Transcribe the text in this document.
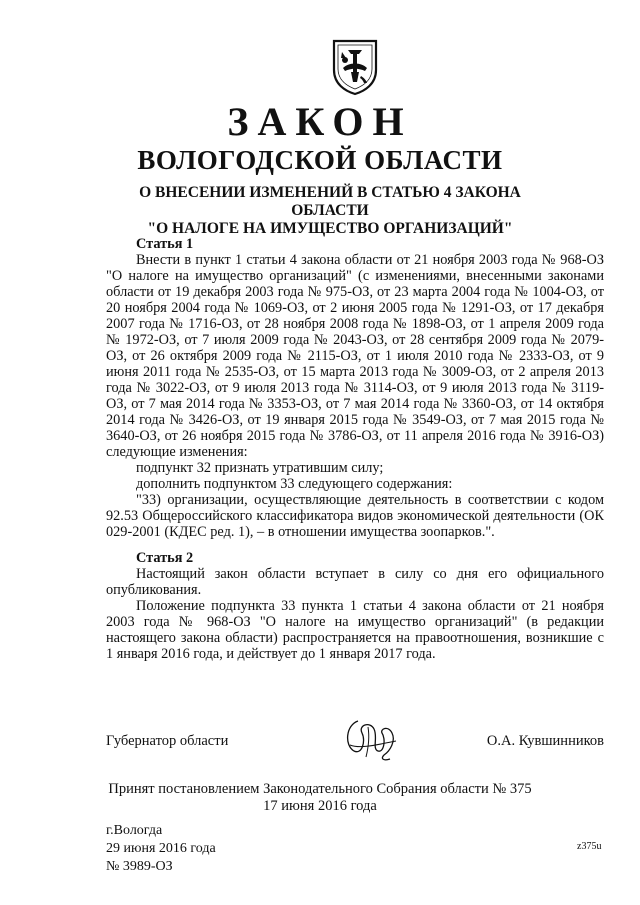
ЗАКОН
ВОЛОГОДСКОЙ ОБЛАСТИ
О ВНЕСЕНИИ ИЗМЕНЕНИЙ В СТАТЬЮ 4 ЗАКОНА ОБЛАСТИ
"О НАЛОГЕ НА ИМУЩЕСТВО ОРГАНИЗАЦИЙ"

Статья 1

Внести в пункт 1 статьи 4 закона области от 21 ноября 2003 года № 968-ОЗ "О налоге на имущество организаций" (с изменениями, внесенными законами области от 19 декабря 2003 года № 975-ОЗ, от 23 марта 2004 года № 1004-ОЗ, от 20 ноября 2004 года № 1069-ОЗ, от 2 июня 2005 года № 1291-ОЗ, от 17 декабря 2007 года № 1716-ОЗ, от 28 ноября 2008 года № 1898-ОЗ, от 1 апреля 2009 года № 1972-ОЗ, от 7 июля 2009 года № 2043-ОЗ, от 28 сентября 2009 года № 2079-ОЗ, от 26 октября 2009 года № 2115-ОЗ, от 1 июля 2010 года № 2333-ОЗ, от 9 июня 2011 года № 2535-ОЗ, от 15 марта 2013 года № 3009-ОЗ, от 2 апреля 2013 года № 3022-ОЗ, от 9 июля 2013 года № 3114-ОЗ, от 9 июля 2013 года № 3119-ОЗ, от 7 мая 2014 года № 3353-ОЗ, от 7 мая 2014 года № 3360-ОЗ, от 14 октября 2014 года № 3426-ОЗ, от 19 января 2015 года № 3549-ОЗ, от 7 мая 2015 года № 3640-ОЗ, от 26 ноября 2015 года № 3786-ОЗ, от 11 апреля 2016 года № 3916-ОЗ) следующие изменения:

подпункт 32 признать утратившим силу;

дополнить подпунктом 33 следующего содержания:

"33) организации, осуществляющие деятельность в соответствии с кодом 92.53 Общероссийского классификатора видов экономической деятельности (ОК 029-2001 (КДЕС ред. 1), – в отношении имущества зоопарков.".

Статья 2

Настоящий закон области вступает в силу со дня его официального опубликования.

Положение подпункта 33 пункта 1 статьи 4 закона области от 21 ноября 2003 года № 968-ОЗ "О налоге на имущество организаций" (в редакции настоящего закона области) распространяется на правоотношения, возникшие с 1 января 2016 года, и действует до 1 января 2017 года.

Губернатор области	О.А. Кувшинников
Принят постановлением Законодательного Собрания области № 375
17 июня 2016 года
г.Вологда
29 июня 2016 года
№ 3989-ОЗ
z375u
